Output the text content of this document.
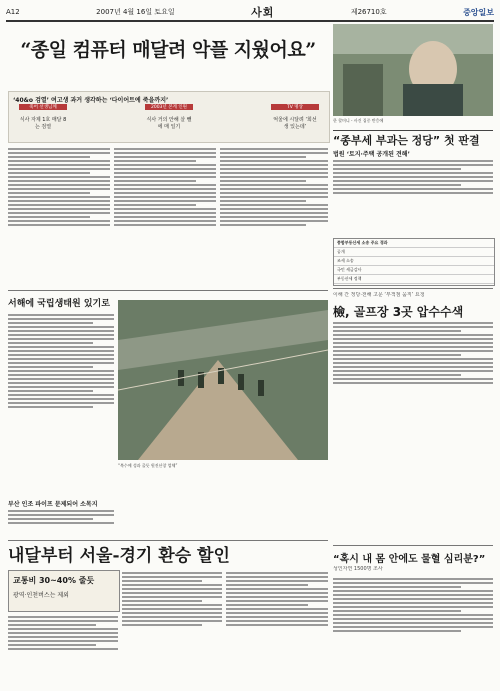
A12	2007년 4월 16일 토요일	사회	제26710호	중앙일보
“종일 컴퓨터 매달려 악플 지웠어요”
‘40&o 검열’ 여고생 과거 생각하는 ‘다이어트에 죽을까지’
죽어 선생님께	2003년 본계 인원	TV 명상
식사 자제 1호 매달 8는 검열
식사 거의 안해 살 뺄에 매 일기
억울에 시달려 ‘희선생 있는데’
한 할머니 - 사건 집중 반응에
“종부세 부과는 정당” 첫 판결
법원 ‘토지·주택 공개된 견해’
종합부동산세 소송 주요 경과
공개
조세 소송
국민 세금감사
부동산세 정책
서해에 국립생태원 있기로
부산 인조 파이프 문제되어 소목지
“북수예 성과 줄듯 원진산창 업체”
이해 간 정당·전해 고문 ‘부적점 움직’ 요청
檢, 골프장 3곳 압수수색
“혹시 내 몸 안에도 물혈 심리분?”
성인자연 1500명 조사
내달부터 서울-경기 환승 할인
교통비 30~40% 줄듯
광역·인천버스는 제외
